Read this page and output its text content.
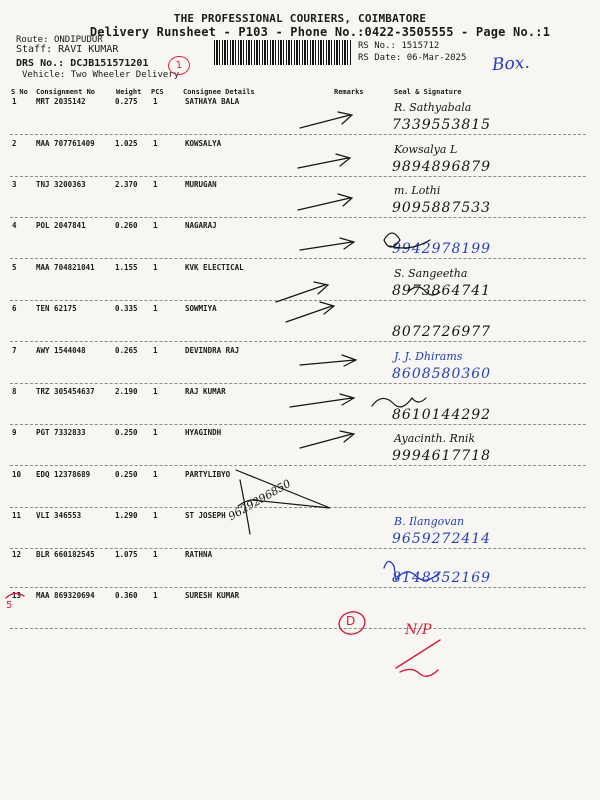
THE PROFESSIONAL COURIERS, COIMBATORE
Delivery Runsheet - P103 - Phone No.:0422-3505555 - Page No.:1
Route: ONDIPUDUR
Staff: RAVI KUMAR
DRS No.: DCJB151571201
Vehicle: Two Wheeler Delivery
1
RS No.: 1515712
RS Date: 06-Mar-2025 Box.
S No Consignment No	Weight PCS	Consignee Details	Remarks	Seal & Signature
1	MRT 2035142	0.275 1	SATHAYA BALA	R. Sathyabala
7339553815
2	MAA 707761409	1.025 1	KOWSALYA	Kowsalya L
9894896879
3	TNJ 3200363	2.370 1	MURUGAN	m. Lothi
9095887533
4	POL 2047841	0.260 1	NAGARAJ
9942978199
5	MAA 704821041	1.155 1	KVK ELECTICAL	S. Sangeetha
8973864741
6	TEN 62175	0.335 1	SOWMIYA
8072726977
7	AWY 1544048	0.265 1	DEVINDRA RAJ	J. J. Dhirams
8608580360
8	TRZ 305454637	2.190 1	RAJ KUMAR
8610144292
9	PGT 7332833	0.250 1	HYAGINDH	Ayacinth. Rnik
9994617718
10 EDQ 12378689	0.250 1	PARTYLIBYO
11 VLI 346553	1.290 1	ST JOSEPH	B. Ilangovan
9659272414
12 BLR 660182545	1.075 1	RATHNA
8148352169
13 MAA 869320694	0.360 1	SURESH KUMAR
D
N/P
5
9629296850
